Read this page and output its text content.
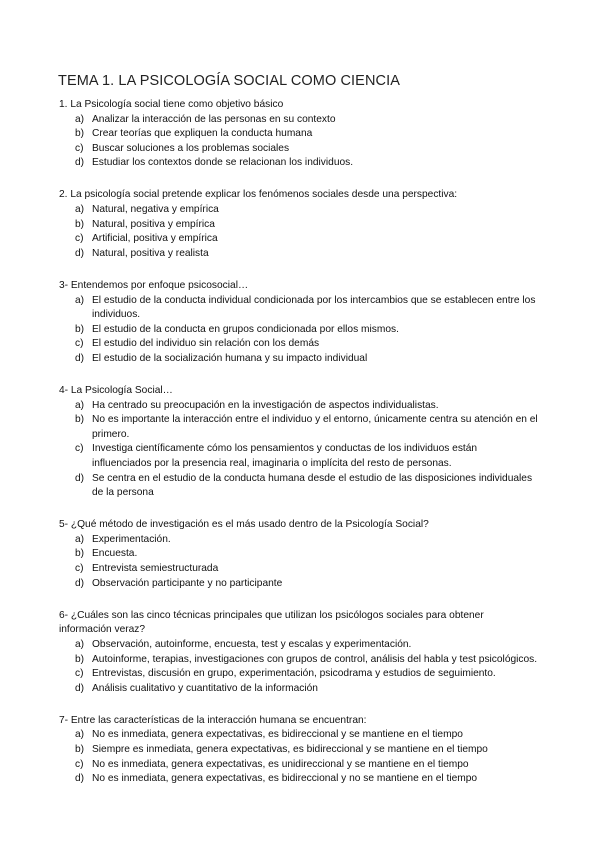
TEMA 1. LA PSICOLOGÍA SOCIAL COMO CIENCIA

1. La Psicología social tiene como objetivo básico

a) Analizar la interacción de las personas en su contexto
b) Crear teorías que expliquen la conducta humana
c) Buscar soluciones a los problemas sociales
d) Estudiar los contextos donde se relacionan los individuos.

2. La psicología social pretende explicar los fenómenos sociales desde una perspectiva:

a) Natural, negativa y empírica
b) Natural, positiva y empírica
c) Artificial, positiva y empírica
d) Natural, positiva y realista

3- Entendemos por enfoque psicosocial…

a) El estudio de la conducta individual condicionada por los intercambios que se establecen entre los individuos.
b) El estudio de la conducta en grupos condicionada por ellos mismos.
c) El estudio del individuo sin relación con los demás
d) El estudio de la socialización humana y su impacto individual

4- La Psicología Social…

a) Ha centrado su preocupación en la investigación de aspectos individualistas.
b) No es importante la interacción entre el individuo y el entorno, únicamente centra su atención en el primero.
c) Investiga científicamente cómo los pensamientos y conductas de los individuos están influenciados por la presencia real, imaginaria o implícita del resto de personas.
d) Se centra en el estudio de la conducta humana desde el estudio de las disposiciones individuales de la persona

5- ¿Qué método de investigación es el más usado dentro de la Psicología Social?

a) Experimentación.
b) Encuesta.
c) Entrevista semiestructurada
d) Observación participante y no participante

6- ¿Cuáles son las cinco técnicas principales que utilizan los psicólogos sociales para obtener información veraz?

a) Observación, autoinforme, encuesta, test y escalas y experimentación.
b) Autoinforme, terapias, investigaciones con grupos de control, análisis del habla y test psicológicos.
c) Entrevistas, discusión en grupo, experimentación, psicodrama y estudios de seguimiento.
d) Análisis cualitativo y cuantitativo de la información

7- Entre las características de la interacción humana se encuentran:

a) No es inmediata, genera expectativas, es bidireccional y se mantiene en el tiempo
b) Siempre es inmediata, genera expectativas, es bidireccional y se mantiene en el tiempo
c) No es inmediata, genera expectativas, es unidireccional y se mantiene en el tiempo
d) No es inmediata, genera expectativas, es bidireccional y no se mantiene en el tiempo
